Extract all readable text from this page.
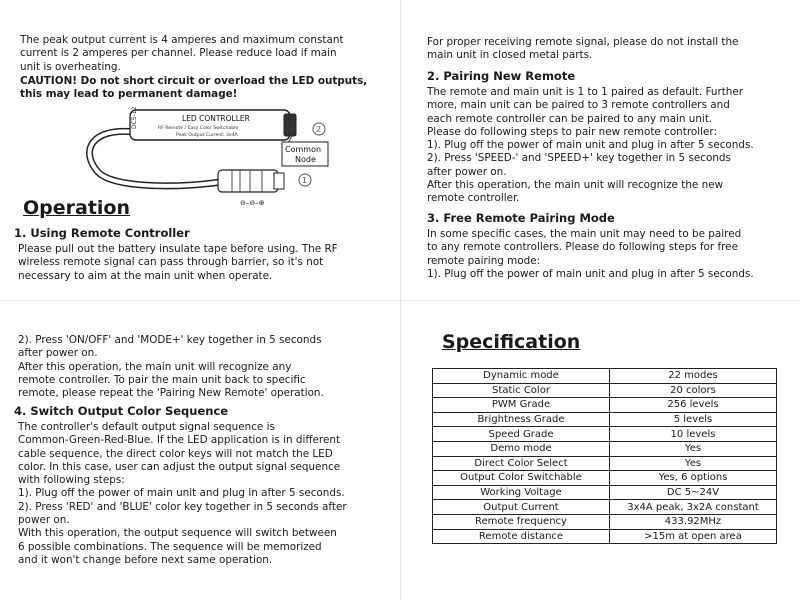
The peak output current is 4 amperes and maximum constant
current is 2 amperes per channel. Please reduce load if main
unit is overheating.
CAUTION! Do not short circuit or overload the LED outputs,
this may lead to permanent damage!
DC5-12	LED CONTROLLER
RF Remote / Easy Color Switchable
Peak Output Current: 3x4A
Common
Node
2
1
⊖–⊖–⊕
Operation
1. Using Remote Controller
Please pull out the battery insulate tape before using. The RF
wireless remote signal can pass through barrier, so it's not
necessary to aim at the main unit when operate.
2). Press 'ON/OFF' and 'MODE+' key together in 5 seconds
after power on.
After this operation, the main unit will recognize any
remote controller. To pair the main unit back to specific
remote, please repeat the 'Pairing New Remote' operation.
4. Switch Output Color Sequence
The controller's default output signal sequence is
Common-Green-Red-Blue. If the LED application is in different
cable sequence, the direct color keys will not match the LED
color. In this case, user can adjust the output signal sequence
with following steps:
1). Plug off the power of main unit and plug in after 5 seconds.
2). Press 'RED' and 'BLUE' color key together in 5 seconds after
power on.
With this operation, the output sequence will switch between
6 possible combinations. The sequence will be memorized
and it won't change before next same operation.
For proper receiving remote signal, please do not install the
main unit in closed metal parts.
2. Pairing New Remote
The remote and main unit is 1 to 1 paired as default. Further
more, main unit can be paired to 3 remote controllers and
each remote controller can be paired to any main unit.
Please do following steps to pair new remote controller:
1). Plug off the power of main unit and plug in after 5 seconds.
2). Press 'SPEED-' and 'SPEED+' key together in 5 seconds
after power on.
After this operation, the main unit will recognize the new
remote controller.
3. Free Remote Pairing Mode
In some specific cases, the main unit may need to be paired
to any remote controllers. Please do following steps for free
remote pairing mode:
1). Plug off the power of main unit and plug in after 5 seconds.
Specification
Dynamic mode	22 modes
Static Color	20 colors
PWM Grade	256 levels
Brightness Grade	5 levels
Speed Grade	10 levels
Demo mode	Yes
Direct Color Select	Yes
Output Color Switchable	Yes, 6 options
Working Voltage	DC 5~24V
Output Current	3x4A peak, 3x2A constant
Remote frequency	433.92MHz
Remote distance	>15m at open area
